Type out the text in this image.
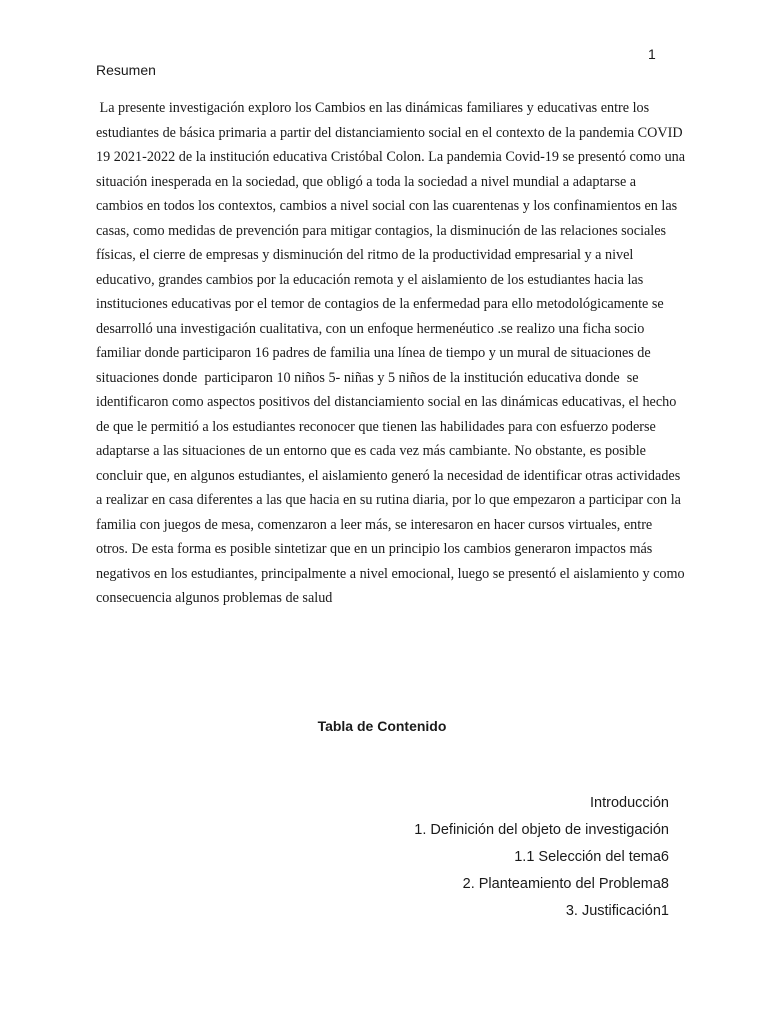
1
Resumen
La presente investigación exploro los Cambios en las dinámicas familiares y educativas entre los
estudiantes de básica primaria a partir del distanciamiento social en el contexto de la pandemia COVID
19 2021-2022 de la institución educativa Cristóbal Colon. La pandemia Covid-19 se presentó como una
situación inesperada en la sociedad, que obligó a toda la sociedad a nivel mundial a adaptarse a
cambios en todos los contextos, cambios a nivel social con las cuarentenas y los confinamientos en las
casas, como medidas de prevención para mitigar contagios, la disminución de las relaciones sociales
físicas, el cierre de empresas y disminución del ritmo de la productividad empresarial y a nivel
educativo, grandes cambios por la educación remota y el aislamiento de los estudiantes hacia las
instituciones educativas por el temor de contagios de la enfermedad para ello metodológicamente se
desarrolló una investigación cualitativa, con un enfoque hermenéutico .se realizo una ficha socio
familiar donde participaron 16 padres de familia una línea de tiempo y un mural de situaciones de
situaciones donde  participaron 10 niños 5- niñas y 5 niños de la institución educativa donde  se
identificaron como aspectos positivos del distanciamiento social en las dinámicas educativas, el hecho
de que le permitió a los estudiantes reconocer que tienen las habilidades para con esfuerzo poderse
adaptarse a las situaciones de un entorno que es cada vez más cambiante. No obstante, es posible
concluir que, en algunos estudiantes, el aislamiento generó la necesidad de identificar otras actividades
a realizar en casa diferentes a las que hacia en su rutina diaria, por lo que empezaron a participar con la
familia con juegos de mesa, comenzaron a leer más, se interesaron en hacer cursos virtuales, entre
otros. De esta forma es posible sintetizar que en un principio los cambios generaron impactos más
negativos en los estudiantes, principalmente a nivel emocional, luego se presentó el aislamiento y como
consecuencia algunos problemas de salud
Tabla de Contenido
Introducción
1. Definición del objeto de investigación
1.1 Selección del tema6
2. Planteamiento del Problema8
3. Justificación1
